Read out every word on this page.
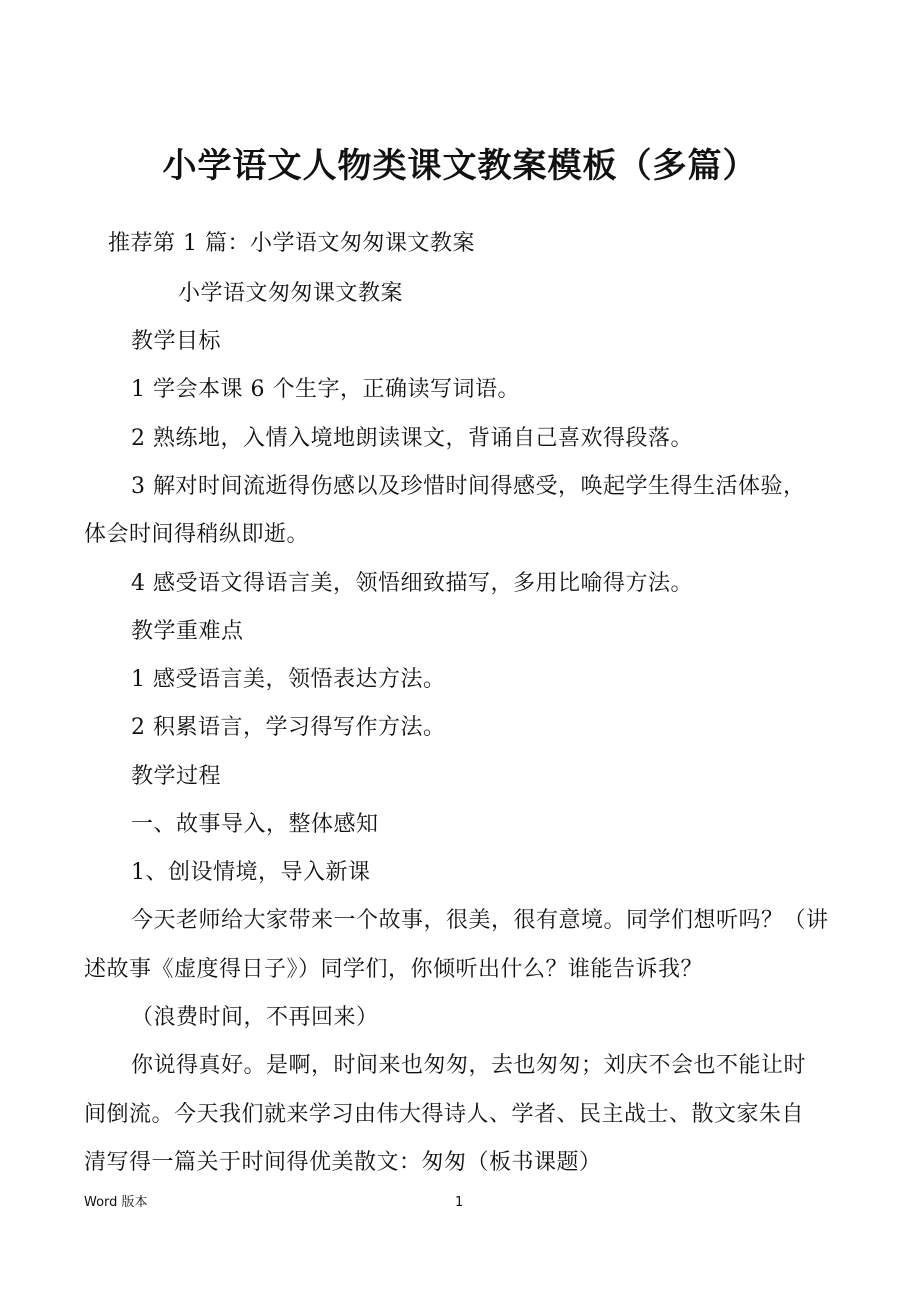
小学语文人物类课文教案模板（多篇）
推荐第 1 篇：小学语文匆匆课文教案
小学语文匆匆课文教案
教学目标
1 学会本课 6 个生字，正确读写词语。
2 熟练地，入情入境地朗读课文，背诵自己喜欢得段落。
3 解对时间流逝得伤感以及珍惜时间得感受，唤起学生得生活体验，
体会时间得稍纵即逝。
4 感受语文得语言美，领悟细致描写，多用比喻得方法。
教学重难点
1 感受语言美，领悟表达方法。
2 积累语言，学习得写作方法。
教学过程
一、故事导入，整体感知
1、创设情境，导入新课
今天老师给大家带来一个故事，很美，很有意境。同学们想听吗？（讲
述故事《虚度得日子》）同学们，你倾听出什么？谁能告诉我？
（浪费时间，不再回来）
你说得真好。是啊，时间来也匆匆，去也匆匆；刘庆不会也不能让时
间倒流。今天我们就来学习由伟大得诗人、学者、民主战士、散文家朱自
清写得一篇关于时间得优美散文：匆匆（板书课题）
Word 版本	1
